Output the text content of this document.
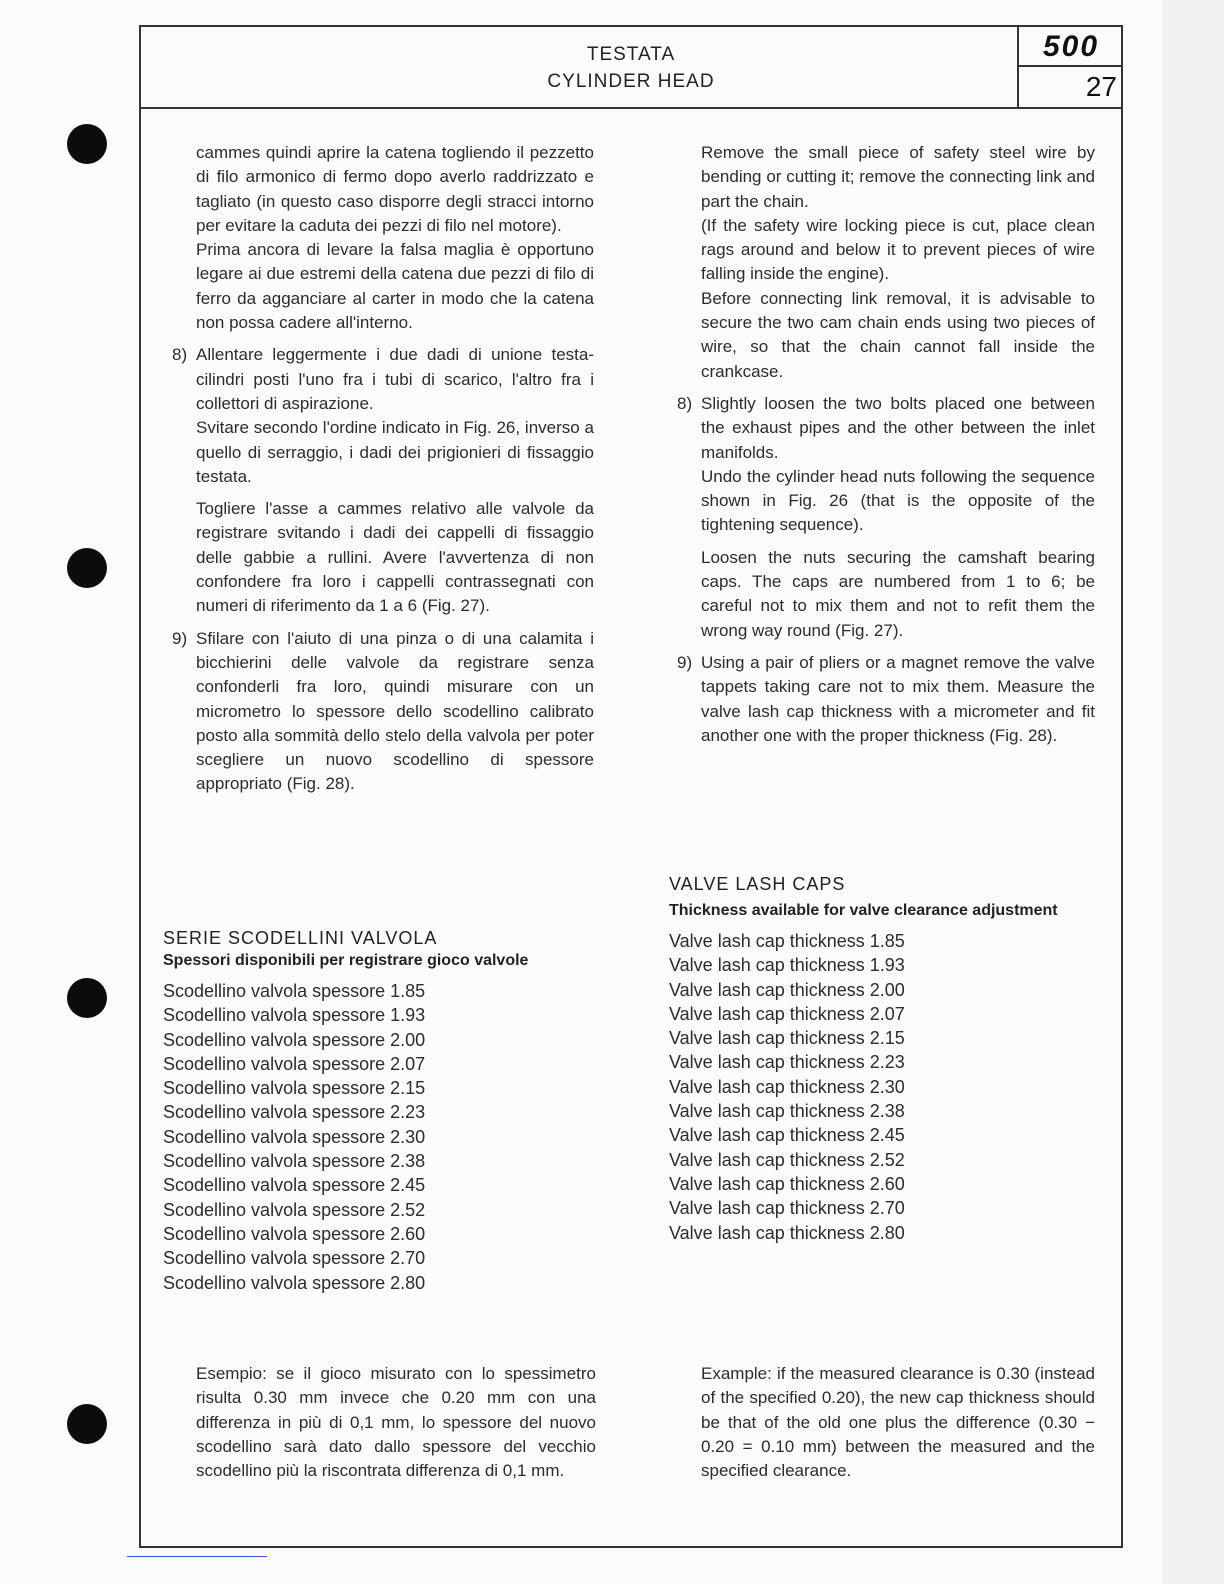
TESTATA
CYLINDER HEAD
500
27

cammes quindi aprire la catena togliendo il pezzetto di filo armonico di fermo dopo averlo raddrizzato e tagliato (in questo caso disporre degli stracci intorno per evitare la caduta dei pezzi di filo nel motore).

Prima ancora di levare la falsa maglia è opportuno legare ai due estremi della catena due pezzi di filo di ferro da agganciare al carter in modo che la catena non possa cadere all'interno.

8) Allentare leggermente i due dadi di unione testa-cilindri posti l'uno fra i tubi di scarico, l'altro fra i collettori di aspirazione.

Svitare secondo l'ordine indicato in Fig. 26, inverso a quello di serraggio, i dadi dei prigionieri di fissaggio testata.

Togliere l'asse a cammes relativo alle valvole da registrare svitando i dadi dei cappelli di fissaggio delle gabbie a rullini. Avere l'avvertenza di non confondere fra loro i cappelli contrassegnati con numeri di riferimento da 1 a 6 (Fig. 27).

9) Sfilare con l'aiuto di una pinza o di una calamita i bicchierini delle valvole da registrare senza confonderli fra loro, quindi misurare con un micrometro lo spessore dello scodellino calibrato posto alla sommità dello stelo della valvola per poter scegliere un nuovo scodellino di spessore appropriato (Fig. 28).

SERIE SCODELLINI VALVOLA

Spessori disponibili per registrare gioco valvole

Scodellino valvola spessore 1.85
Scodellino valvola spessore 1.93
Scodellino valvola spessore 2.00
Scodellino valvola spessore 2.07
Scodellino valvola spessore 2.15
Scodellino valvola spessore 2.23
Scodellino valvola spessore 2.30
Scodellino valvola spessore 2.38
Scodellino valvola spessore 2.45
Scodellino valvola spessore 2.52
Scodellino valvola spessore 2.60
Scodellino valvola spessore 2.70
Scodellino valvola spessore 2.80

Esempio: se il gioco misurato con lo spessimetro risulta 0.30 mm invece che 0.20 mm con una differenza in più di 0,1 mm, lo spessore del nuovo scodellino sarà dato dallo spessore del vecchio scodellino più la riscontrata differenza di 0,1 mm.

Remove the small piece of safety steel wire by bending or cutting it; remove the connecting link and part the chain.

(If the safety wire locking piece is cut, place clean rags around and below it to prevent pieces of wire falling inside the engine).

Before connecting link removal, it is advisable to secure the two cam chain ends using two pieces of wire, so that the chain cannot fall inside the crankcase.

8) Slightly loosen the two bolts placed one between the exhaust pipes and the other between the inlet manifolds.

Undo the cylinder head nuts following the sequence shown in Fig. 26 (that is the opposite of the tightening sequence).

Loosen the nuts securing the camshaft bearing caps. The caps are numbered from 1 to 6; be careful not to mix them and not to refit them the wrong way round (Fig. 27).

9) Using a pair of pliers or a magnet remove the valve tappets taking care not to mix them. Measure the valve lash cap thickness with a micrometer and fit another one with the proper thickness (Fig. 28).

VALVE LASH CAPS

Thickness available for valve clearance adjustment

Valve lash cap thickness 1.85
Valve lash cap thickness 1.93
Valve lash cap thickness 2.00
Valve lash cap thickness 2.07
Valve lash cap thickness 2.15
Valve lash cap thickness 2.23
Valve lash cap thickness 2.30
Valve lash cap thickness 2.38
Valve lash cap thickness 2.45
Valve lash cap thickness 2.52
Valve lash cap thickness 2.60
Valve lash cap thickness 2.70
Valve lash cap thickness 2.80

Example: if the measured clearance is 0.30 (instead of the specified 0.20), the new cap thickness should be that of the old one plus the difference (0.30 − 0.20 = 0.10 mm) between the measured and the specified clearance.
